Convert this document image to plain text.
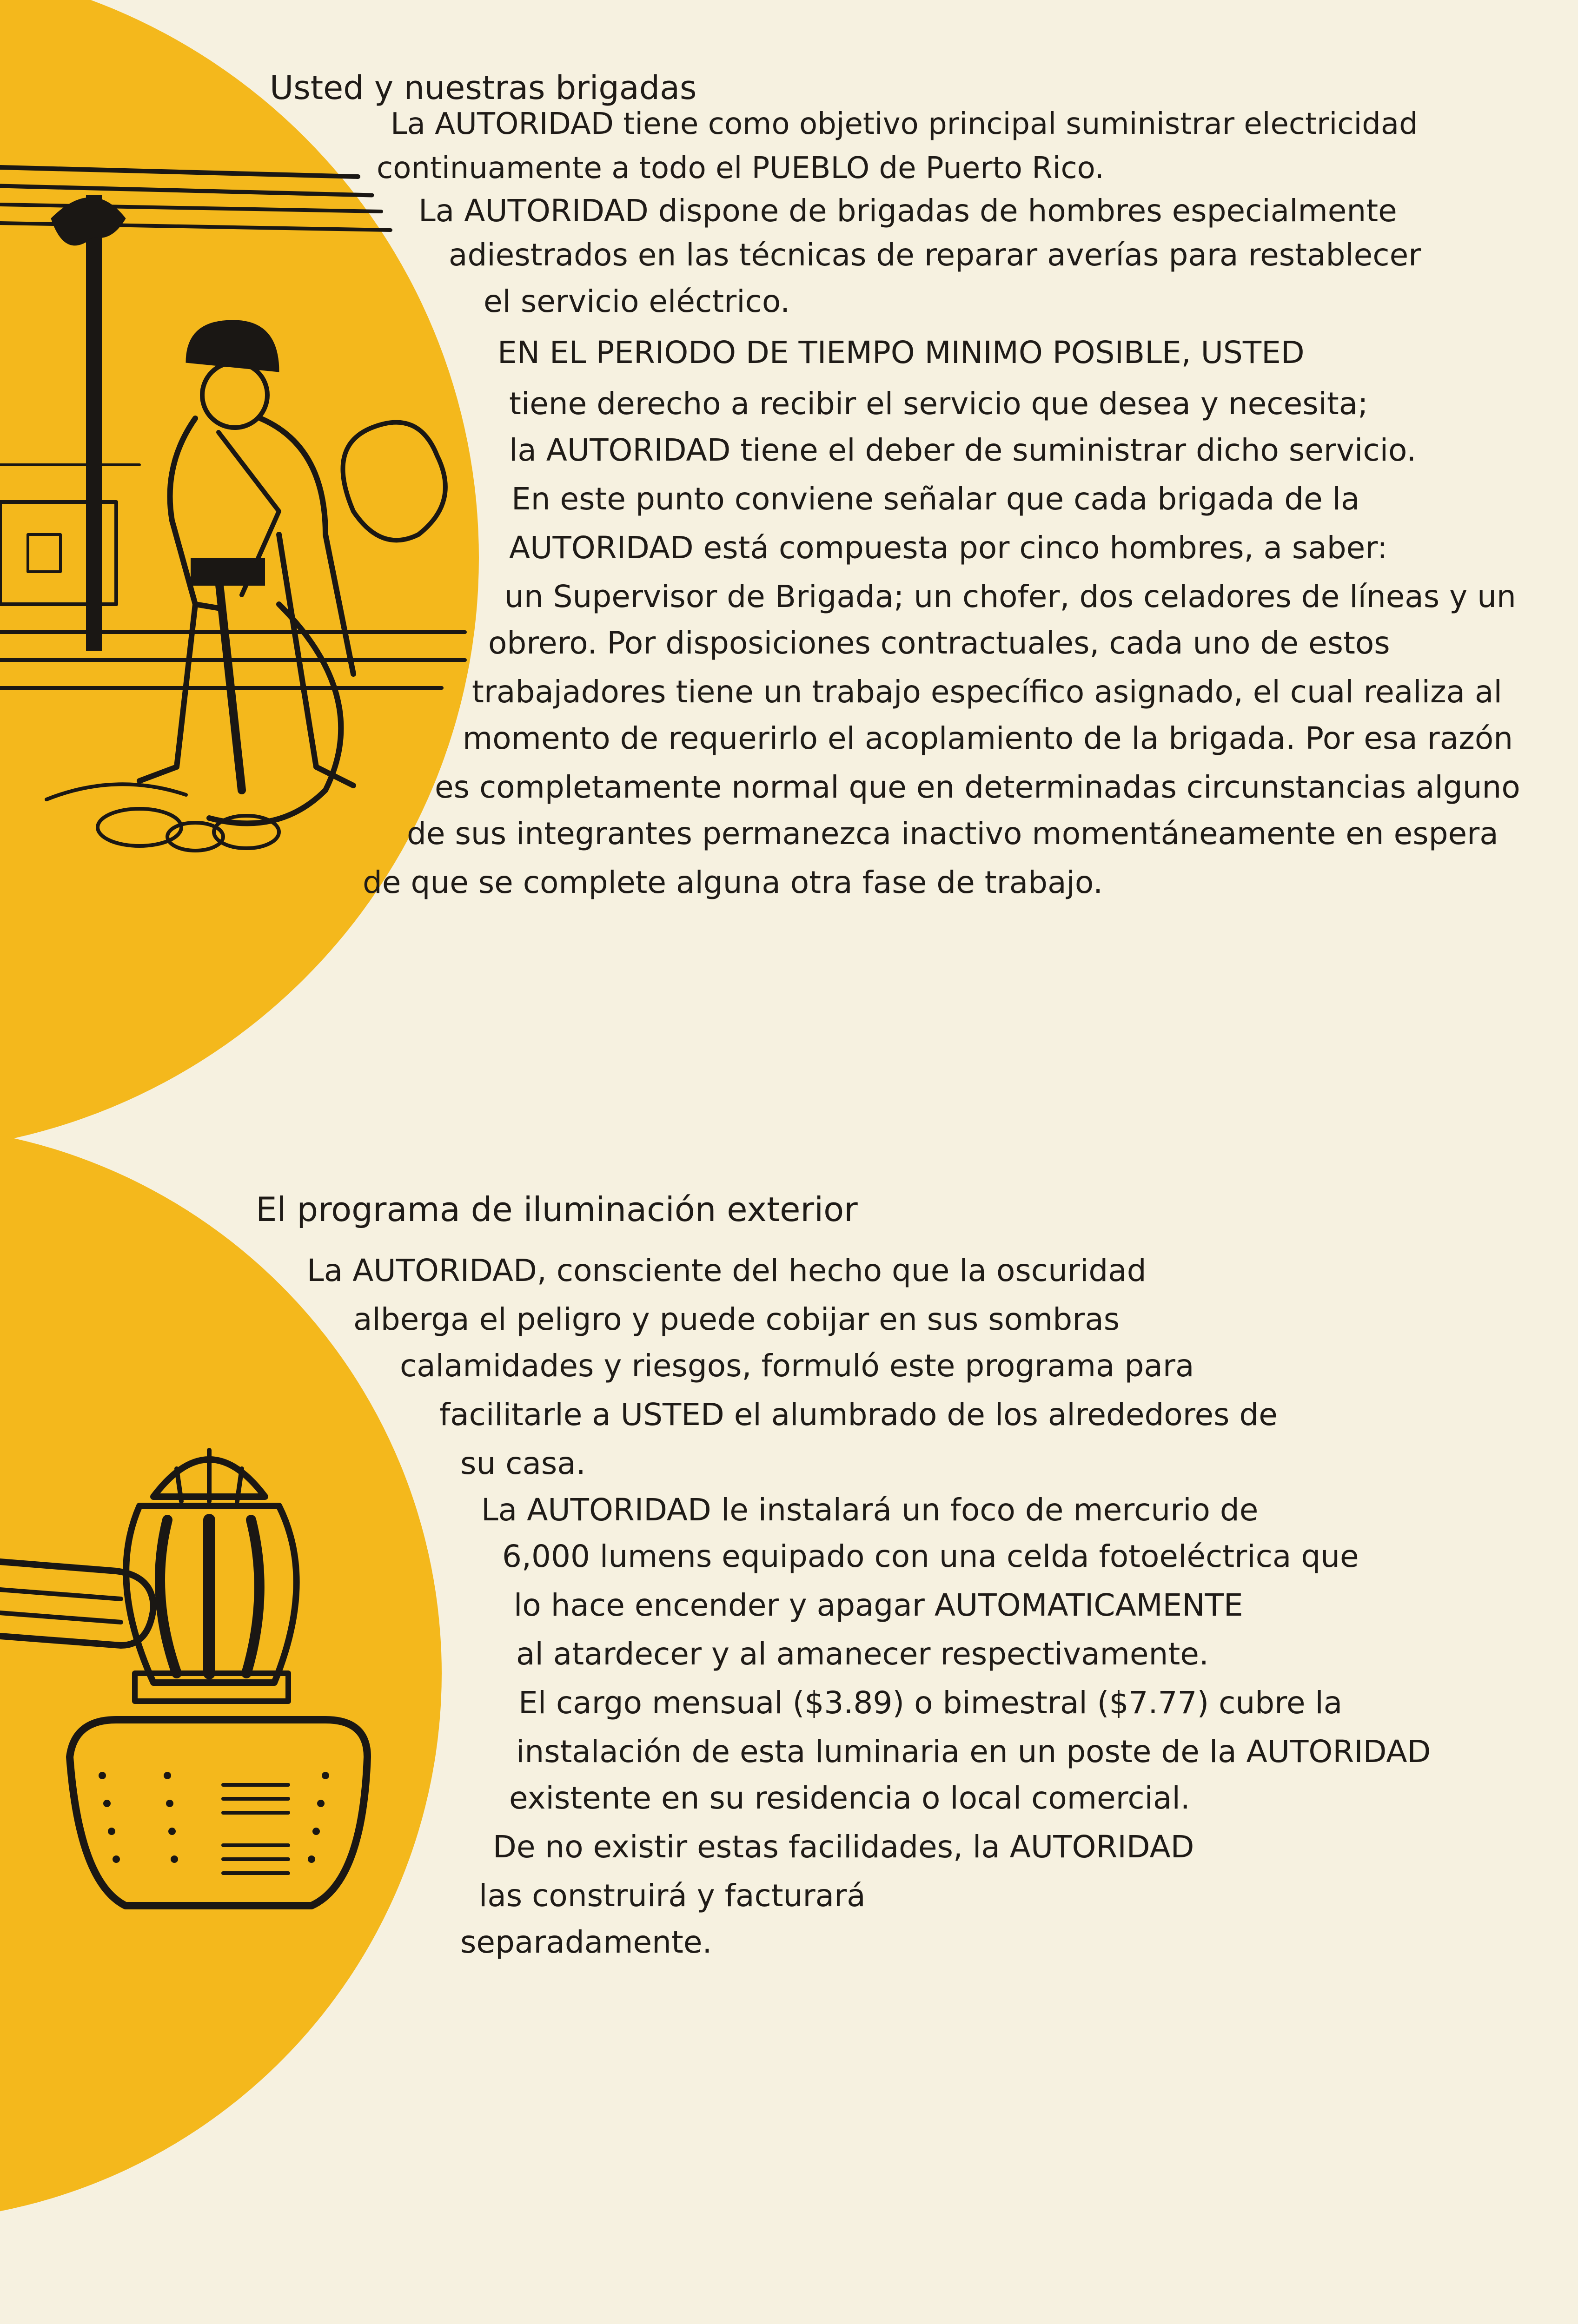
Usted y nuestras brigadas
La AUTORIDAD tiene como objetivo principal suministrar electricidad
continuamente a todo el PUEBLO de Puerto Rico.
La AUTORIDAD dispone de brigadas de hombres especialmente
adiestrados en las técnicas de reparar averías para restablecer
el servicio eléctrico.
EN EL PERIODO DE TIEMPO MINIMO POSIBLE, USTED
tiene derecho a recibir el servicio que desea y necesita;
la AUTORIDAD tiene el deber de suministrar dicho servicio.
En este punto conviene señalar que cada brigada de la
AUTORIDAD está compuesta por cinco hombres, a saber:
un Supervisor de Brigada; un chofer, dos celadores de líneas y un
obrero. Por disposiciones contractuales, cada uno de estos
trabajadores tiene un trabajo específico asignado, el cual realiza al
momento de requerirlo el acoplamiento de la brigada. Por esa razón
es completamente normal que en determinadas circunstancias alguno
de sus integrantes permanezca inactivo momentáneamente en espera
de que se complete alguna otra fase de trabajo.
El programa de iluminación exterior
La AUTORIDAD, consciente del hecho que la oscuridad
alberga el peligro y puede cobijar en sus sombras
calamidades y riesgos, formuló este programa para
facilitarle a USTED el alumbrado de los alrededores de
su casa.
La AUTORIDAD le instalará un foco de mercurio de
6,000 lumens equipado con una celda fotoeléctrica que
lo hace encender y apagar AUTOMATICAMENTE
al atardecer y al amanecer respectivamente.
El cargo mensual ($3.89) o bimestral ($7.77) cubre la
instalación de esta luminaria en un poste de la AUTORIDAD
existente en su residencia o local comercial.
De no existir estas facilidades, la AUTORIDAD
las construirá y facturará
separadamente.
